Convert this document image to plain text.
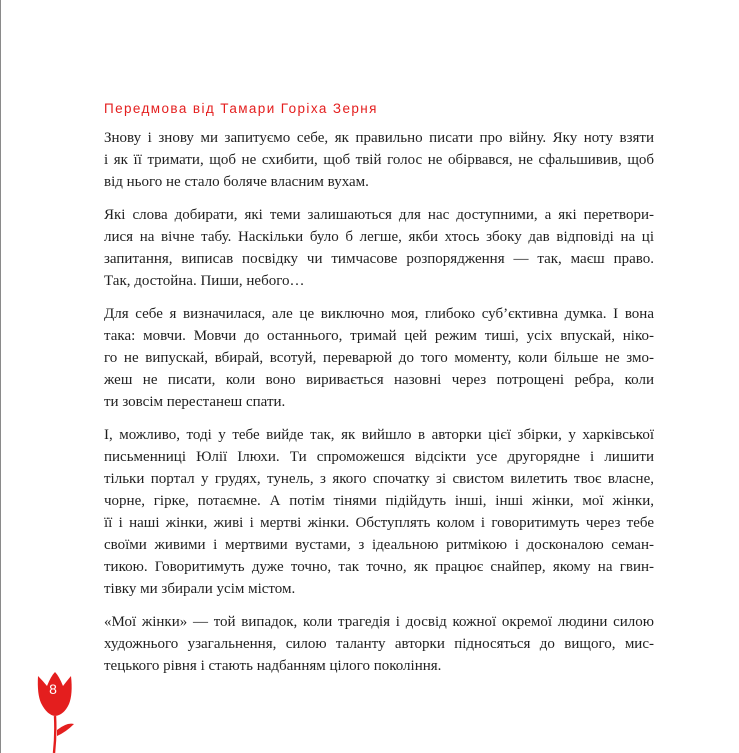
Передмова від Тамари Горіха Зерня

Знову і знову ми запитуємо себе, як правильно писати про війну. Яку ноту взяти
і як її тримати, щоб не схибити, щоб твій голос не обірвався, не сфальшивив, щоб
від нього не стало боляче власним вухам.

Які слова добирати, які теми залишаються для нас доступними, а які перетвори-
лися на вічне табу. Наскільки було б легше, якби хтось збоку дав відповіді на ці
запитання, виписав посвідку чи тимчасове розпорядження — так, маєш право.
Так, достойна. Пиши, небого…

Для себе я визначилася, але це виключно моя, глибоко суб’єктивна думка. І вона
така: мовчи. Мовчи до останнього, тримай цей режим тиші, усіх впускай, ніко-
го не випускай, вбирай, всотуй, переварюй до того моменту, коли більше не змо-
жеш не писати, коли воно виривається назовні через потрощені ребра, коли
ти зовсім перестанеш спати.

І, можливо, тоді у тебе вийде так, як вийшло в авторки цієї збірки, у харківської
письменниці Юлії Ілюхи. Ти спроможешся відсікти усе другорядне і лишити
тільки портал у грудях, тунель, з якого спочатку зі свистом вилетить твоє власне,
чорне, гірке, потаємне. А потім тінями підійдуть інші, інші жінки, мої жінки,
її і наші жінки, живі і мертві жінки. Обступлять колом і говоритимуть через тебе
своїми живими і мертвими вустами, з ідеальною ритмікою і досконалою семан-
тикою. Говоритимуть дуже точно, так точно, як працює снайпер, якому на гвин-
тівку ми збирали усім містом.

«Мої жінки» — той випадок, коли трагедія і досвід кожної окремої людини силою
художнього узагальнення, силою таланту авторки підносяться до вищого, мис-
тецького рівня і стають надбанням цілого покоління.

8
